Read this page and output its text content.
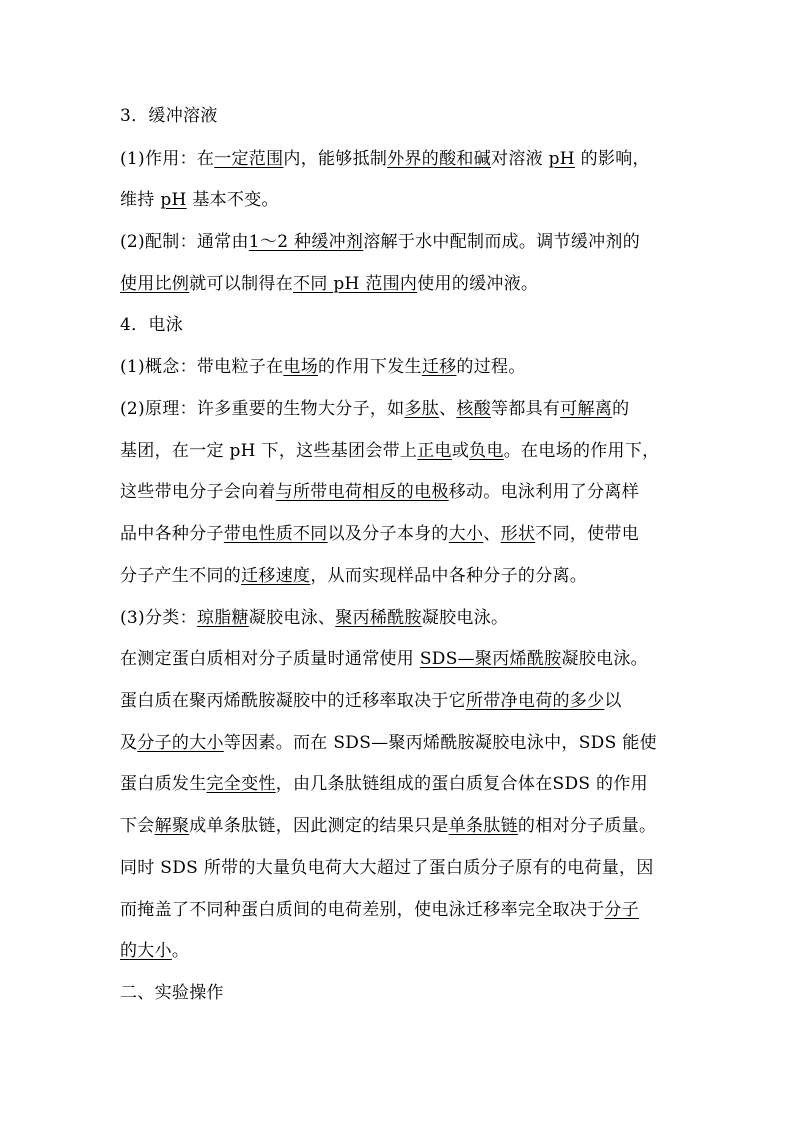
3．缓冲溶液
(1)作用：在一定范围内，能够抵制外界的酸和碱对溶液 pH 的影响，
维持 pH 基本不变。
(2)配制：通常由1～2 种缓冲剂溶解于水中配制而成。调节缓冲剂的
使用比例就可以制得在不同 pH 范围内使用的缓冲液。
4．电泳
(1)概念：带电粒子在电场的作用下发生迁移的过程。
(2)原理：许多重要的生物大分子，如多肽、核酸等都具有可解离的
基团，在一定 pH 下，这些基团会带上正电或负电。在电场的作用下，
这些带电分子会向着与所带电荷相反的电极移动。电泳利用了分离样
品中各种分子带电性质不同以及分子本身的大小、形状不同，使带电
分子产生不同的迁移速度，从而实现样品中各种分子的分离。
(3)分类：琼脂糖凝胶电泳、聚丙稀酰胺凝胶电泳。
在测定蛋白质相对分子质量时通常使用 SDS—聚丙烯酰胺凝胶电泳。
蛋白质在聚丙烯酰胺凝胶中的迁移率取决于它所带净电荷的多少以
及分子的大小等因素。而在 SDS—聚丙烯酰胺凝胶电泳中，SDS 能使
蛋白质发生完全变性，由几条肽链组成的蛋白质复合体在SDS 的作用
下会解聚成单条肽链，因此测定的结果只是单条肽链的相对分子质量。
同时 SDS 所带的大量负电荷大大超过了蛋白质分子原有的电荷量，因
而掩盖了不同种蛋白质间的电荷差别，使电泳迁移率完全取决于分子
的大小。
二、实验操作
